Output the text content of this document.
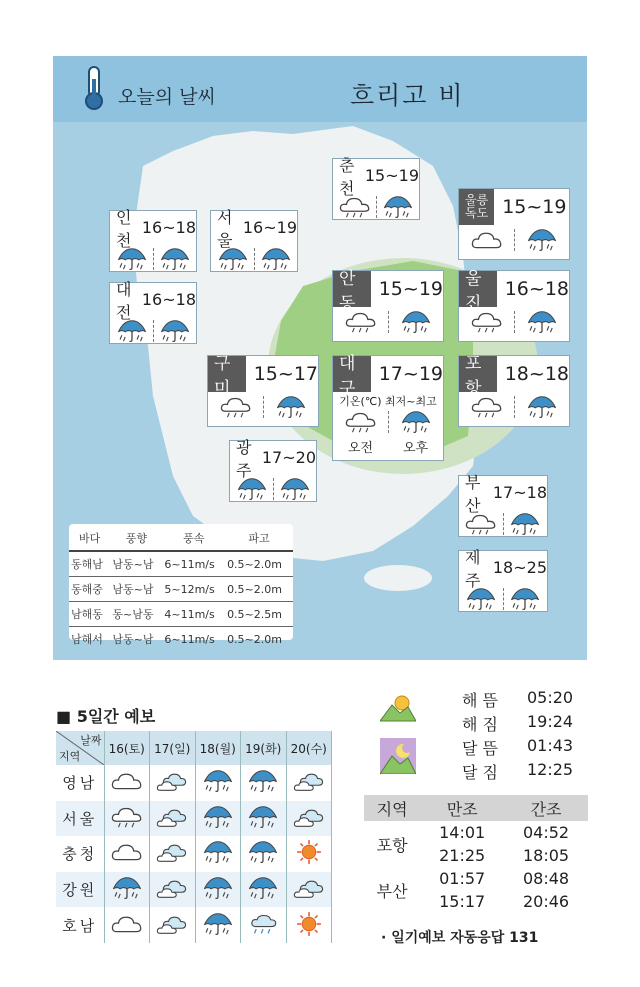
오늘의 날씨	흐리고 비
춘천
15~19
울릉
독도 15~19
인천
16~18
서울
16~19
대전
16~18
안동
15~19	울진
16~18
구미
15~17	대구
17~19
기온(℃) 최저~최고
오전 오후
포항
18~18
광주
17~20
부산
17~18
제주
18~25
바다	풍향	풍속	파고
동해남	남동~남	6~11m/s	0.5~2.0m
동해중	남동~남	5~12m/s	0.5~2.0m
남해동	동~남동	4~11m/s	0.5~2.5m
남해서	남동~남	6~11m/s	0.5~2.0m
■ 5일간 예보
날짜
지역	16(토)	17(일)	18(월)	19(화)	20(수)
영남					
서울					
충청					
강원					
호남					
해 뜸 05:20
해 짐 19:24
달 뜸 01:43
달 짐 12:25
지역	만조	간조
포항	14:01	04:52
	21:25	18:05
부산	01:57	08:48
	15:17	20:46
· 일기예보 자동응답 131
